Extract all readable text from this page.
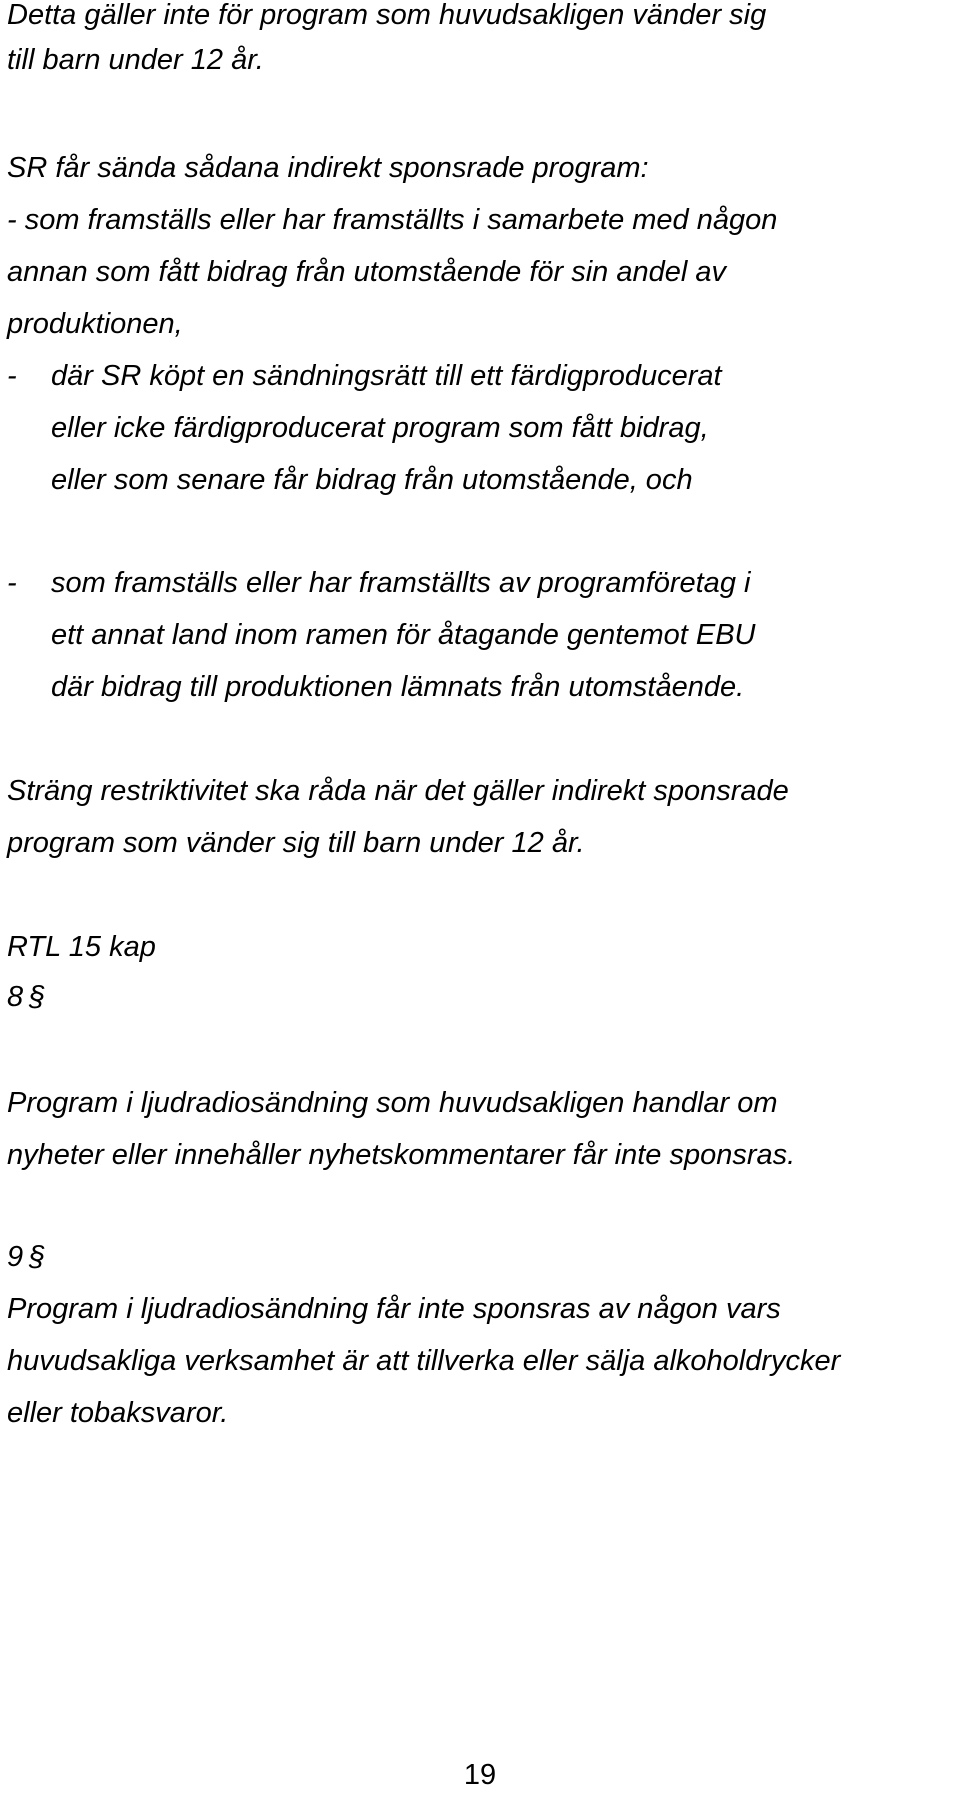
Detta gäller inte för program som huvudsakligen vänder sig
till barn under 12 år.
SR får sända sådana indirekt sponsrade program:
- som framställs eller har framställts i samarbete med någon
annan som fått bidrag från utomstående för sin andel av
produktionen,
- där SR köpt en sändningsrätt till ett färdigproducerat
eller icke färdigproducerat program som fått bidrag,
eller som senare får bidrag från utomstående, och
- som framställs eller har framställts av programföretag i
ett annat land inom ramen för åtagande gentemot EBU
där bidrag till produktionen lämnats från utomstående.
Sträng restriktivitet ska råda när det gäller indirekt sponsrade
program som vänder sig till barn under 12 år.
RTL 15 kap
8 §
Program i ljudradiosändning som huvudsakligen handlar om
nyheter eller innehåller nyhetskommentarer får inte sponsras.
9 §
Program i ljudradiosändning får inte sponsras av någon vars
huvudsakliga verksamhet är att tillverka eller sälja alkoholdrycker
eller tobaksvaror.
19
